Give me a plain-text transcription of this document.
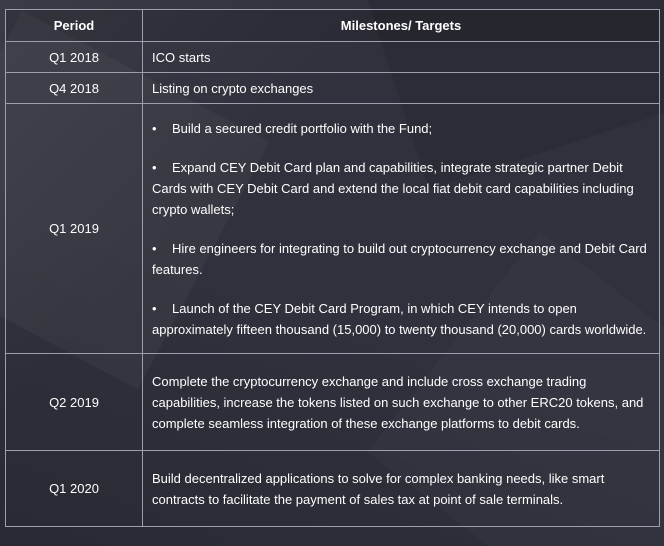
Period	Milestones/ Targets
Q1 2018	ICO starts
Q4 2018	Listing on crypto exchanges
Q1 2019	• Build a secured credit portfolio with the Fund;

• Expand CEY Debit Card plan and capabilities, integrate strategic partner Debit Cards with CEY Debit Card and extend the local fiat debit card capabilities including crypto wallets;

• Hire engineers for integrating to build out cryptocurrency exchange and Debit Card features.

• Launch of the CEY Debit Card Program, in which CEY intends to open approximately fifteen thousand (15,000) to twenty thousand (20,000) cards worldwide.

Q2 2019	Complete the cryptocurrency exchange and include cross exchange trading capabilities, increase the tokens listed on such exchange to other ERC20 tokens, and complete seamless integration of these exchange platforms to debit cards.
Q1 2020	Build decentralized applications to solve for complex banking needs, like smart contracts to facilitate the payment of sales tax at point of sale terminals.
